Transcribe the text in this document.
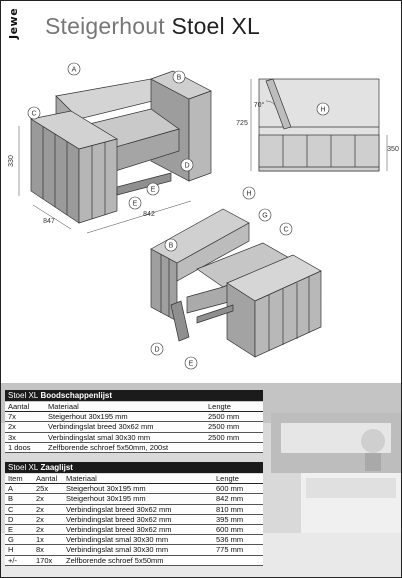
Jewe Steigerhout Stoel XL
A
B
C
D
E
E
330
847
842
70°
725
350
H
H
G
C
B
D
E
Stoel XL Boodschappenlijst
Aantal	Materiaal	Lengte
7x	Steigerhout 30x195 mm	2500 mm
2x	Verbindingslat breed 30x62 mm	2500 mm
3x	Verbindingslat smal 30x30 mm	2500 mm
1 doos	Zelfborende schroef 5x50mm, 200st	
Stoel XL Zaaglijst
Item	Aantal	Materiaal	Lengte
A	25x	Steigerhout 30x195 mm	600 mm
B	2x	Steigerhout 30x195 mm	842 mm
C	2x	Verbindingslat breed 30x62 mm	810 mm
D	2x	Verbindingslat breed 30x62 mm	395 mm
E	2x	Verbindingslat breed 30x62 mm	600 mm
G	1x	Verbindingslat smal 30x30 mm	536 mm
H	8x	Verbindingslat smal 30x30 mm	775 mm
+/-	170x	Zelfborende schroef 5x50mm	
